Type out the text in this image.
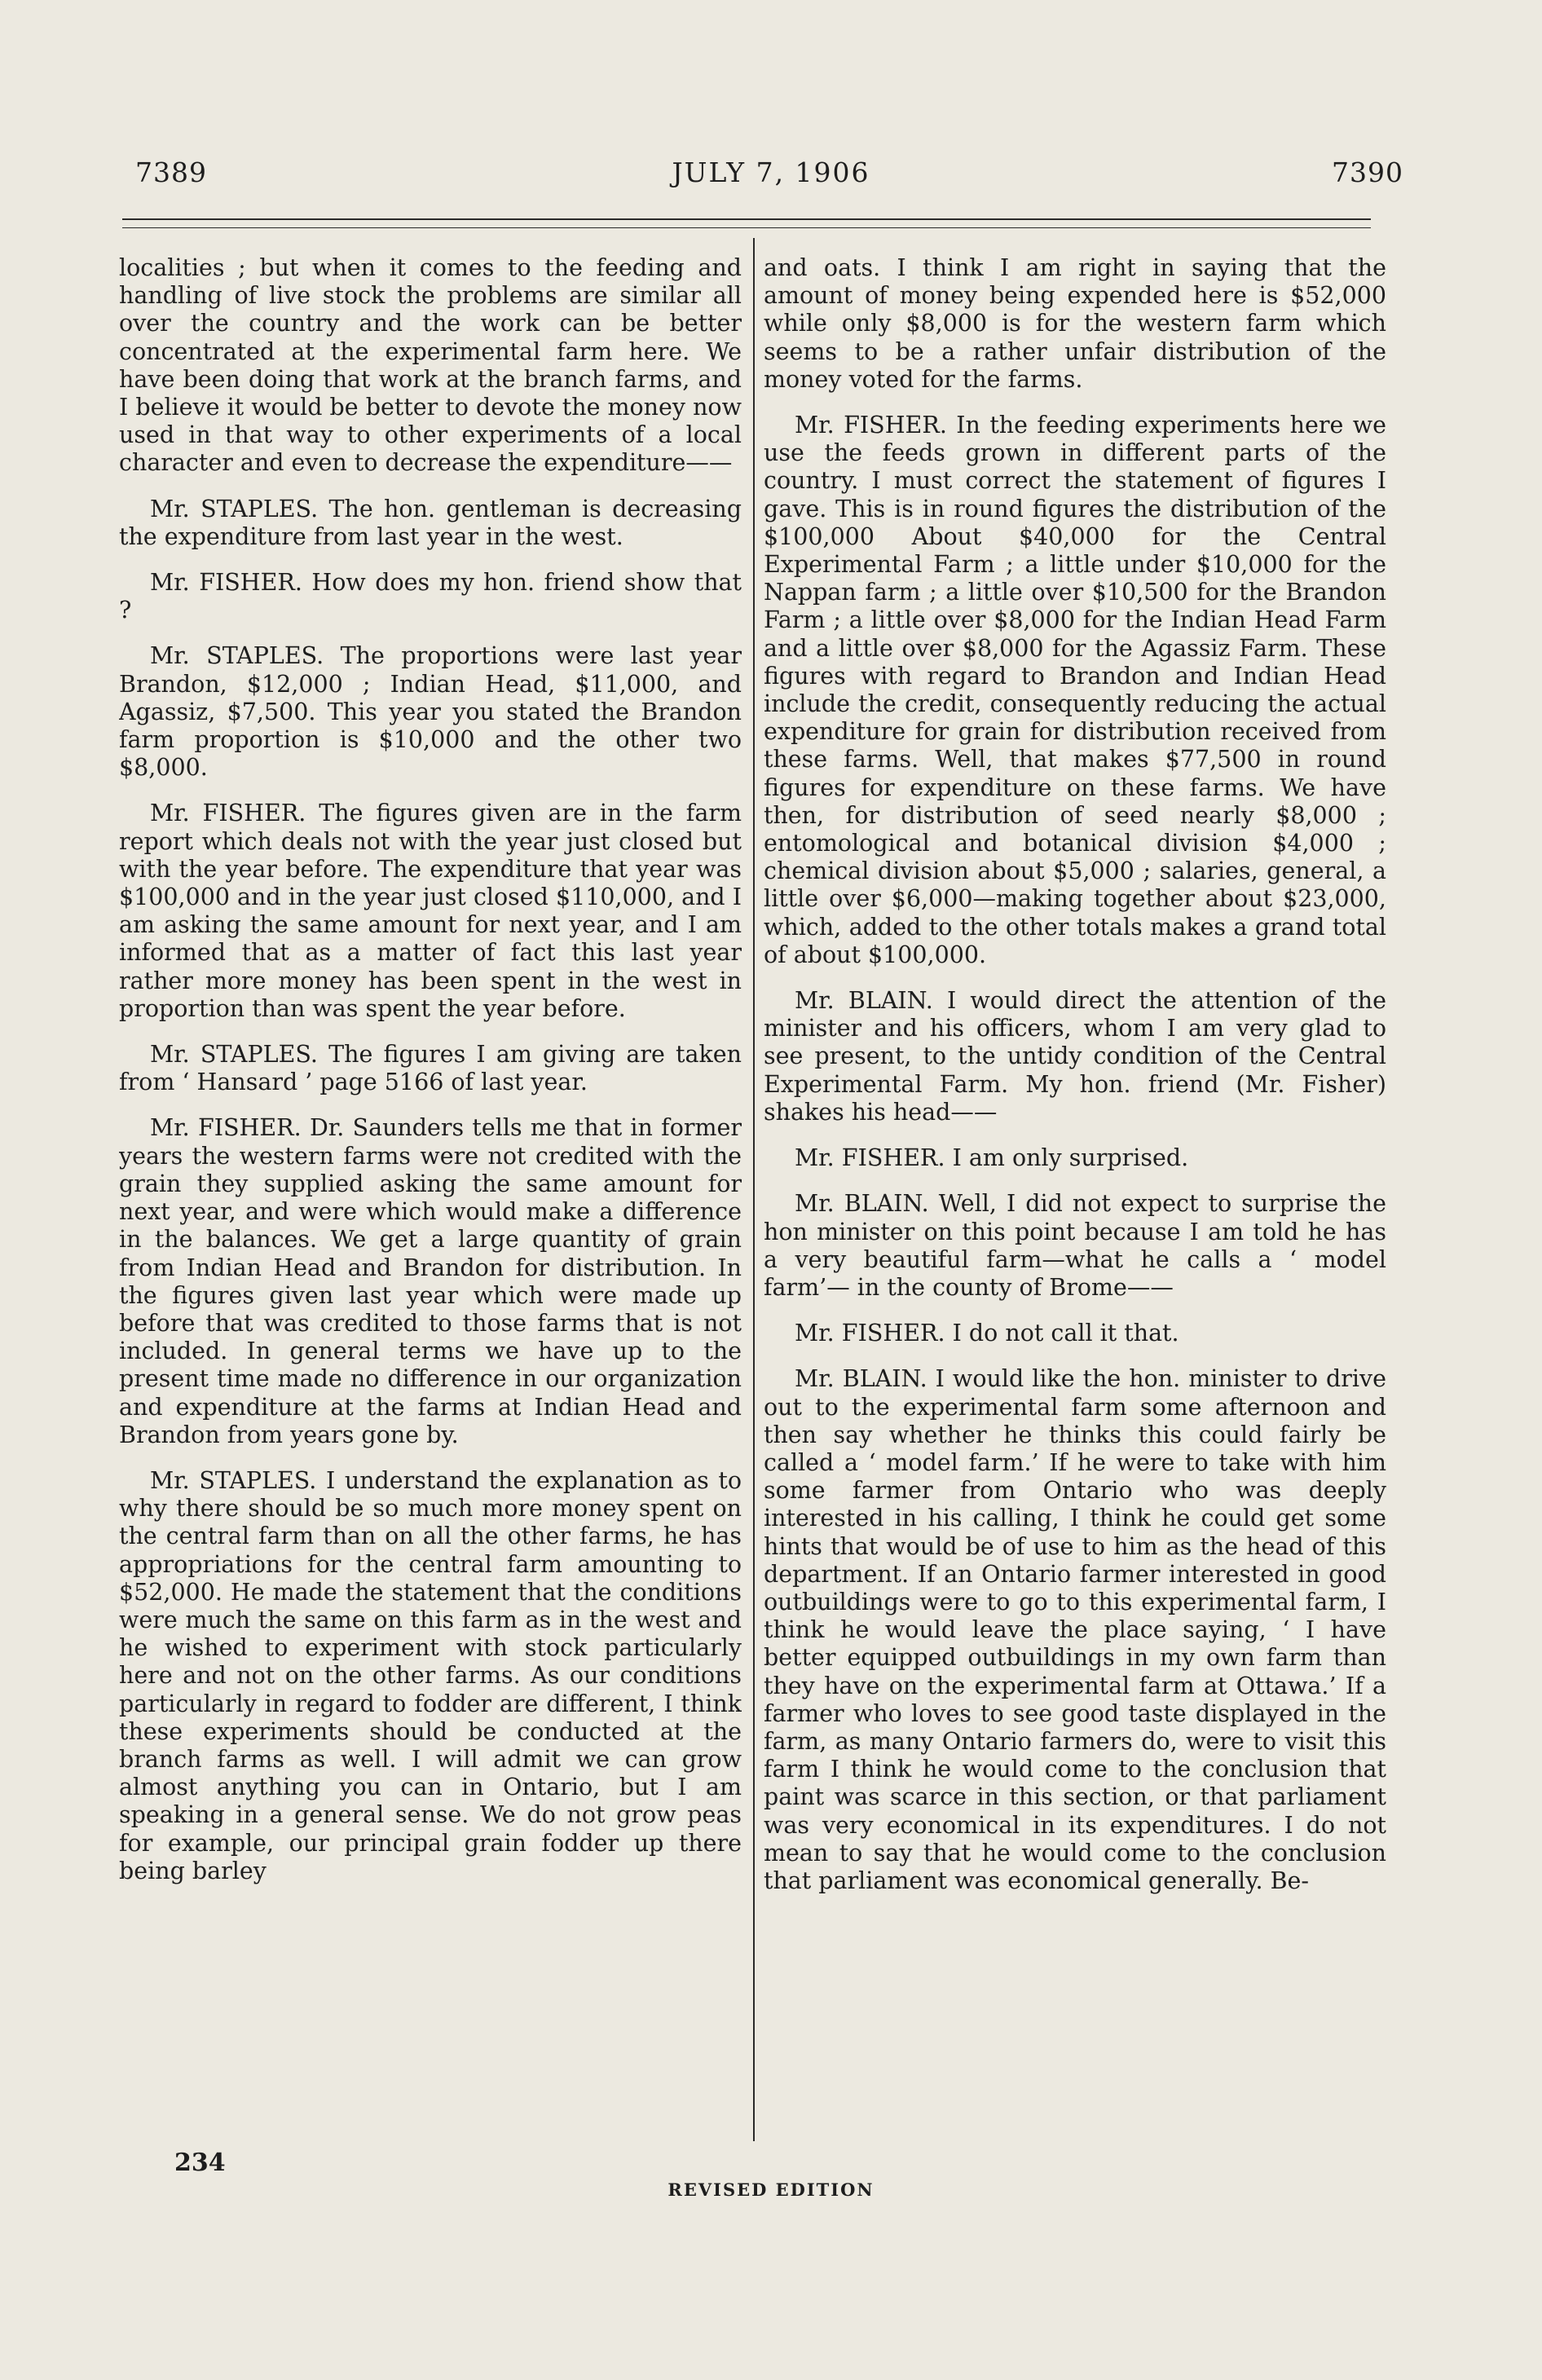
7389	JULY 7, 1906	7390

localities ; but when it comes to the feeding and handling of live stock the problems are similar all over the country and the work can be better concentrated at the experimental farm here. We have been doing that work at the branch farms, and I believe it would be better to devote the money now used in that way to other experiments of a local character and even to decrease the expenditure——

Mr. STAPLES. The hon. gentleman is decreasing the expenditure from last year in the west.

Mr. FISHER. How does my hon. friend show that ?

Mr. STAPLES. The proportions were last year Brandon, $12,000 ; Indian Head, $11,000, and Agassiz, $7,500. This year you stated the Brandon farm proportion is $10,000 and the other two $8,000.

Mr. FISHER. The figures given are in the farm report which deals not with the year just closed but with the year before. The expenditure that year was $100,000 and in the year just closed $110,000, and I am asking the same amount for next year, and I am informed that as a matter of fact this last year rather more money has been spent in the west in proportion than was spent the year before.

Mr. STAPLES. The figures I am giving are taken from ‘ Hansard ’ page 5166 of last year.

Mr. FISHER. Dr. Saunders tells me that in former years the western farms were not credited with the grain they supplied asking the same amount for next year, and were which would make a difference in the balances. We get a large quantity of grain from Indian Head and Brandon for distribution. In the figures given last year which were made up before that was credited to those farms that is not included. In general terms we have up to the present time made no difference in our organization and expenditure at the farms at Indian Head and Brandon from years gone by.

Mr. STAPLES. I understand the explanation as to why there should be so much more money spent on the central farm than on all the other farms, he has appropriations for the central farm amounting to $52,000. He made the statement that the conditions were much the same on this farm as in the west and he wished to experiment with stock particularly here and not on the other farms. As our conditions particularly in regard to fodder are different, I think these experiments should be conducted at the branch farms as well. I will admit we can grow almost anything you can in Ontario, but I am speaking in a general sense. We do not grow peas for example, our principal grain fodder up there being barley

and oats. I think I am right in saying that the amount of money being expended here is $52,000 while only $8,000 is for the western farm which seems to be a rather unfair distribution of the money voted for the farms.

Mr. FISHER. In the feeding experiments here we use the feeds grown in different parts of the country. I must correct the statement of figures I gave. This is in round figures the distribution of the $100,000 About $40,000 for the Central Experimental Farm ; a little under $10,000 for the Nappan farm ; a little over $10,500 for the Brandon Farm ; a little over $8,000 for the Indian Head Farm and a little over $8,000 for the Agassiz Farm. These figures with regard to Brandon and Indian Head include the credit, consequently reducing the actual expenditure for grain for distribution received from these farms. Well, that makes $77,500 in round figures for expenditure on these farms. We have then, for distribution of seed nearly $8,000 ; entomological and botanical division $4,000 ; chemical division about $5,000 ; salaries, general, a little over $6,000—making together about $23,000, which, added to the other totals makes a grand total of about $100,000.

Mr. BLAIN. I would direct the attention of the minister and his officers, whom I am very glad to see present, to the untidy condition of the Central Experimental Farm. My hon. friend (Mr. Fisher) shakes his head——

Mr. FISHER. I am only surprised.

Mr. BLAIN. Well, I did not expect to surprise the hon minister on this point because I am told he has a very beautiful farm—what he calls a ‘ model farm’— in the county of Brome——

Mr. FISHER. I do not call it that.

Mr. BLAIN. I would like the hon. minister to drive out to the experimental farm some afternoon and then say whether he thinks this could fairly be called a ‘ model farm.’ If he were to take with him some farmer from Ontario who was deeply interested in his calling, I think he could get some hints that would be of use to him as the head of this department. If an Ontario farmer interested in good outbuildings were to go to this experimental farm, I think he would leave the place saying, ‘ I have better equipped outbuildings in my own farm than they have on the experimental farm at Ottawa.’ If a farmer who loves to see good taste displayed in the farm, as many Ontario farmers do, were to visit this farm I think he would come to the conclusion that paint was scarce in this section, or that parliament was very economical in its expenditures. I do not mean to say that he would come to the conclusion that parliament was economical generally. Be-

234
REVISED EDITION
